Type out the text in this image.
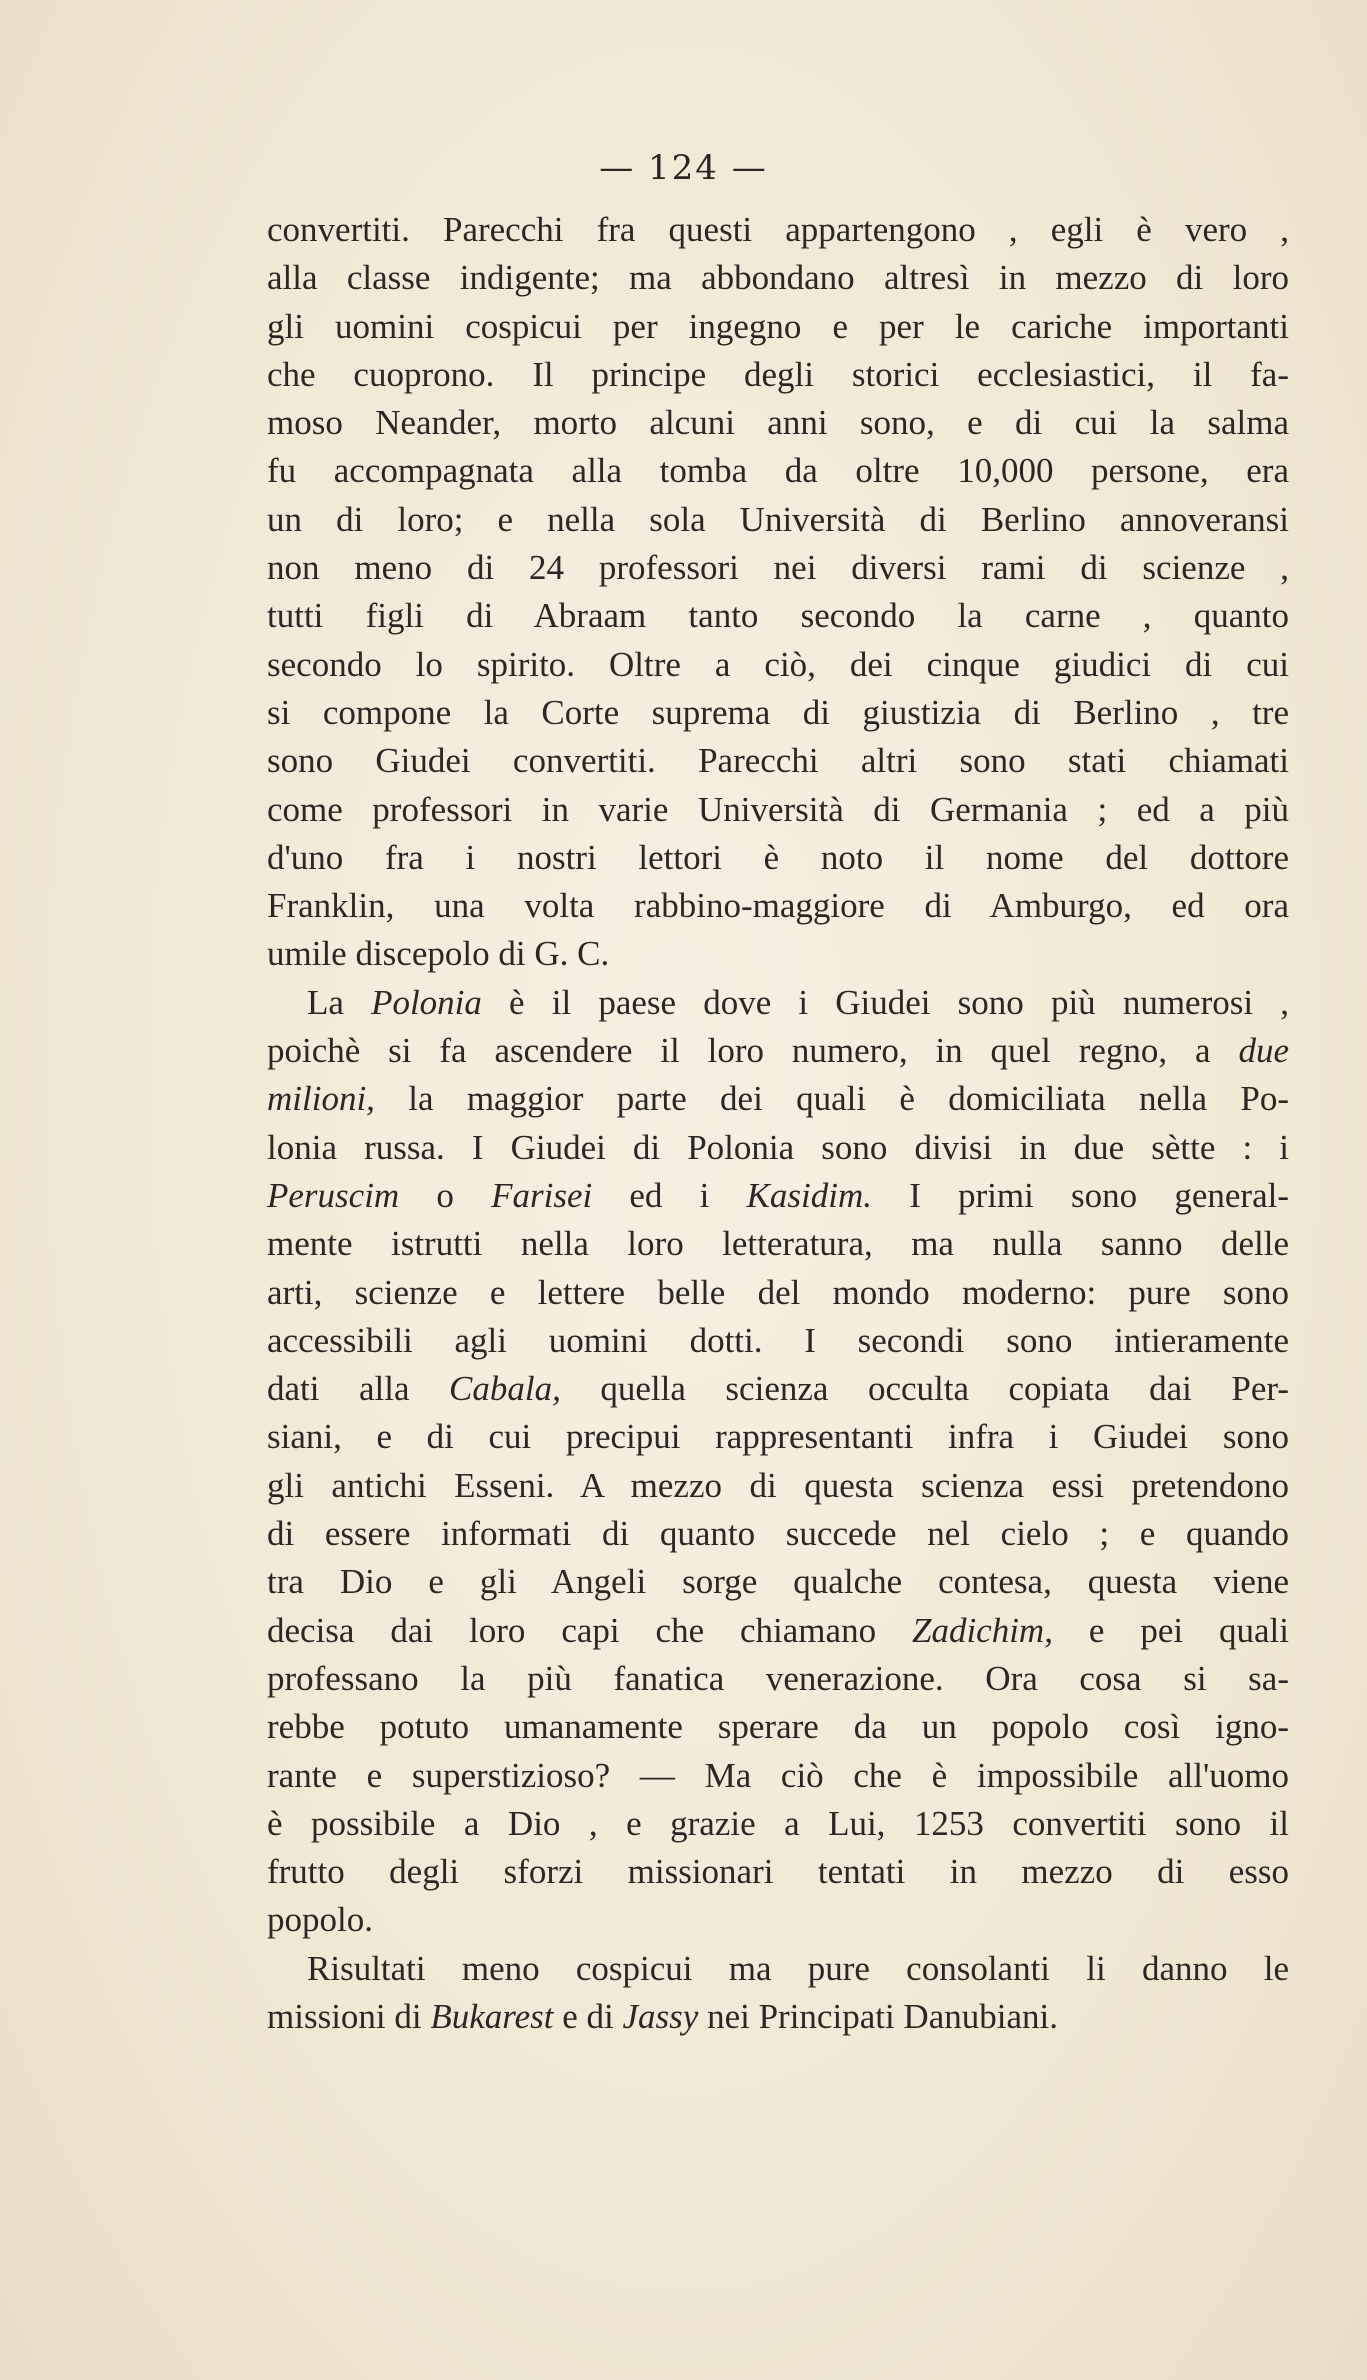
— 124 —
convertiti. Parecchi fra questi appartengono , egli è vero ,
alla classe indigente; ma abbondano altresì in mezzo di loro
gli uomini cospicui per ingegno e per le cariche importanti
che cuoprono. Il principe degli storici ecclesiastici, il fa-
moso Neander, morto alcuni anni sono, e di cui la salma
fu accompagnata alla tomba da oltre 10,000 persone, era
un di loro; e nella sola Università di Berlino annoveransi
non meno di 24 professori nei diversi rami di scienze ,
tutti figli di Abraam tanto secondo la carne , quanto
secondo lo spirito. Oltre a ciò, dei cinque giudici di cui
si compone la Corte suprema di giustizia di Berlino , tre
sono Giudei convertiti. Parecchi altri sono stati chiamati
come professori in varie Università di Germania ; ed a più
d'uno fra i nostri lettori è noto il nome del dottore
Franklin, una volta rabbino-maggiore di Amburgo, ed ora
umile discepolo di G. C.
La Polonia è il paese dove i Giudei sono più numerosi ,
poichè si fa ascendere il loro numero, in quel regno, a due
milioni, la maggior parte dei quali è domiciliata nella Po-
lonia russa. I Giudei di Polonia sono divisi in due sètte : i
Peruscim o Farisei ed i Kasidim. I primi sono general-
mente istrutti nella loro letteratura, ma nulla sanno delle
arti, scienze e lettere belle del mondo moderno: pure sono
accessibili agli uomini dotti. I secondi sono intieramente
dati alla Cabala, quella scienza occulta copiata dai Per-
siani, e di cui precipui rappresentanti infra i Giudei sono
gli antichi Esseni. A mezzo di questa scienza essi pretendono
di essere informati di quanto succede nel cielo ; e quando
tra Dio e gli Angeli sorge qualche contesa, questa viene
decisa dai loro capi che chiamano Zadichim, e pei quali
professano la più fanatica venerazione. Ora cosa si sa-
rebbe potuto umanamente sperare da un popolo così igno-
rante e superstizioso? — Ma ciò che è impossibile all'uomo
è possibile a Dio , e grazie a Lui, 1253 convertiti sono il
frutto degli sforzi missionari tentati in mezzo di esso
popolo.
Risultati meno cospicui ma pure consolanti li danno le
missioni di Bukarest e di Jassy nei Principati Danubiani.
